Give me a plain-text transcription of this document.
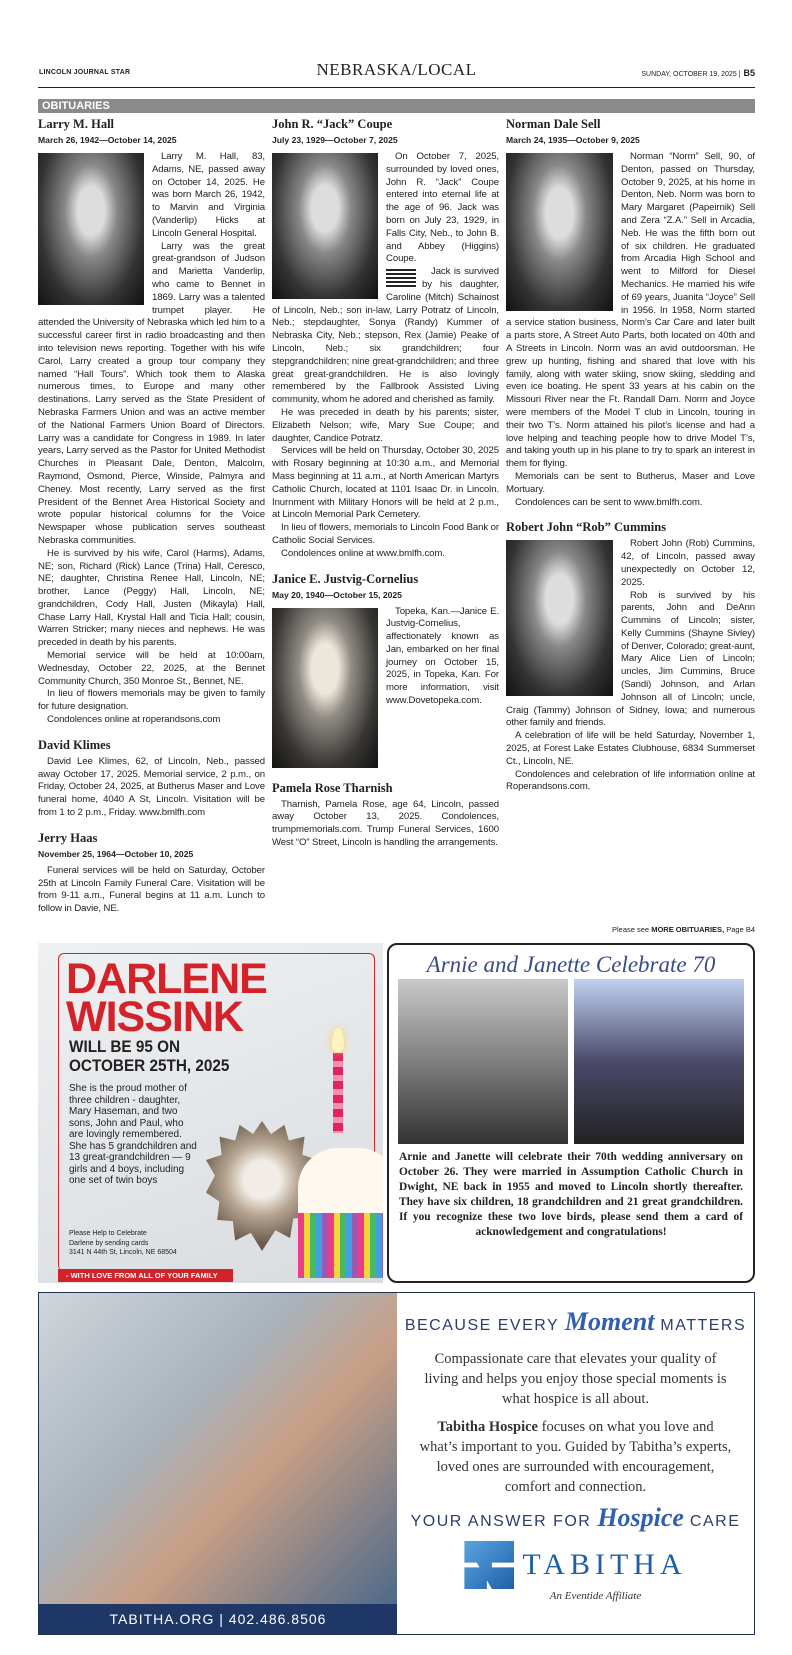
LINCOLN JOURNAL STAR	NEBRASKA/LOCAL	SUNDAY, OCTOBER 19, 2025 | B5
OBITUARIES
Larry M. Hall
March 26, 1942—October 14, 2025

Larry M. Hall, 83, Adams, NE, passed away on October 14, 2025. He was born March 26, 1942, to Marvin and Virginia (Vanderlip) Hicks at Lincoln General Hospital.

Larry was the great great-grandson of Judson and Marietta Vanderlip, who came to Bennet in 1869. Larry was a talented trumpet player. He attended the University of Nebraska which led him to a successful career first in radio broadcasting and then into television news reporting. Together with his wife Carol, Larry created a group tour company they named “Hall Tours”. Which took them to Alaska numerous times, to Europe and many other destinations. Larry served as the State President of Nebraska Farmers Union and was an active member of the National Farmers Union Board of Directors. Larry was a candidate for Congress in 1989. In later years, Larry served as the Pastor for United Methodist Churches in Pleasant Dale, Denton, Malcolm, Raymond, Osmond, Pierce, Winside, Palmyra and Cheney. Most recently, Larry served as the first President of the Bennet Area Historical Society and wrote popular historical columns for the Voice Newspaper whose publication serves southeast Nebraska communities.

He is survived by his wife, Carol (Harms), Adams, NE; son, Richard (Rick) Lance (Trina) Hall, Ceresco, NE; daughter, Christina Renee Hall, Lincoln, NE; brother, Lance (Peggy) Hall, Lincoln, NE; grandchildren, Cody Hall, Justen (Mikayla) Hall, Chase Larry Hall, Krystal Hall and Ticia Hall; cousin, Warren Stricker; many nieces and nephews. He was preceded in death by his parents.

Memorial service will be held at 10:00am, Wednesday, October 22, 2025, at the Bennet Community Church, 350 Monroe St., Bennet, NE.

In lieu of flowers memorials may be given to family for future designation.

Condolences online at roperandsons.com

David Klimes

David Lee Klimes, 62, of Lincoln, Neb., passed away October 17, 2025. Memorial service, 2 p.m., on Friday, October 24, 2025, at Butherus Maser and Love funeral home, 4040 A St, Lincoln. Visitation will be from 1 to 2 p.m., Friday. www.bmlfh.com

Jerry Haas
November 25, 1964—October 10, 2025

Funeral services will be held on Saturday, October 25th at Lincoln Family Funeral Care. Visitation will be from 9-11 a.m., Funeral begins at 11 a.m. Lunch to follow in Davie, NE.

John R. “Jack” Coupe
July 23, 1929—October 7, 2025

On October 7, 2025, surrounded by loved ones, John R. “Jack” Coupe entered into eternal life at the age of 96. Jack was born on July 23, 1929, in Falls City, Neb., to John B. and Abbey (Higgins) Coupe.

Jack is survived by his daughter, Caroline (Mitch) Schainost of Lincoln, Neb.; son in-law, Larry Potratz of Lincoln, Neb.; stepdaughter, Sonya (Randy) Kummer of Nebraska City, Neb.; stepson, Rex (Jamie) Peake of Lincoln, Neb.; six grandchildren; four stepgrandchildren; nine great-grandchildren; and three great great-grandchildren. He is also lovingly remembered by the Fallbrook Assisted Living community, whom he adored and cherished as family.

He was preceded in death by his parents; sister, Elizabeth Nelson; wife, Mary Sue Coupe; and daughter, Candice Potratz.

Services will be held on Thursday, October 30, 2025 with Rosary beginning at 10:30 a.m., and Memorial Mass beginning at 11 a.m., at North American Martyrs Catholic Church, located at 1101 Isaac Dr. in Lincoln. Inurnment with Military Honors will be held at 2 p.m., at Lincoln Memorial Park Cemetery.

In lieu of flowers, memorials to Lincoln Food Bank or Catholic Social Services.

Condolences online at www.bmlfh.com.

Janice E. Justvig-Cornelius
May 20, 1940—October 15, 2025

Topeka, Kan.—Janice E. Justvig-Cornelius, affectionately known as Jan, embarked on her final journey on October 15, 2025, in Topeka, Kan. For more information, visit www.Dovetopeka.com.

Pamela Rose Tharnish

Tharnish, Pamela Rose, age 64, Lincoln, passed away October 13, 2025. Condolences, trumpmemorials.com. Trump Funeral Services, 1600 West “O” Street, Lincoln is handling the arrangements.

Norman Dale Sell
March 24, 1935—October 9, 2025

Norman “Norm” Sell, 90, of Denton, passed on Thursday, October 9, 2025, at his home in Denton, Neb. Norm was born to Mary Margaret (Papeirnik) Sell and Zera “Z.A.” Sell in Arcadia, Neb. He was the fifth born out of six children. He graduated from Arcadia High School and went to Milford for Diesel Mechanics. He married his wife of 69 years, Juanita “Joyce” Sell in 1956. In 1958, Norm started a service station business, Norm’s Car Care and later built a parts store, A Street Auto Parts, both located on 40th and A Streets in Lincoln. Norm was an avid outdoorsman. He grew up hunting, fishing and shared that love with his family, along with water skiing, snow skiing, sledding and even ice boating. He spent 33 years at his cabin on the Missouri River near the Ft. Randall Dam. Norm and Joyce were members of the Model T club in Lincoln, touring in their two T’s. Norm attained his pilot’s license and had a love helping and teaching people how to drive Model T’s, and taking youth up in his plane to try to spark an interest in them for flying.

Memorials can be sent to Butherus, Maser and Love Mortuary.

Condolences can be sent to www.bmlfh.com.

Robert John “Rob” Cummins

Robert John (Rob) Cummins, 42, of Lincoln, passed away unexpectedly on October 12, 2025.

Rob is survived by his parents, John and DeAnn Cummins of Lincoln; sister, Kelly Cummins (Shayne Sivley) of Denver, Colorado; great-aunt, Mary Alice Lien of Lincoln; uncles, Jim Cummins, Bruce (Sandi) Johnson, and Arlan Johnson all of Lincoln; uncle, Craig (Tammy) Johnson of Sidney, Iowa; and numerous other family and friends.

A celebration of life will be held Saturday, November 1, 2025, at Forest Lake Estates Clubhouse, 6834 Summerset Ct., Lincoln, NE.

Condolences and celebration of life information online at Roperandsons.com.

Please see MORE OBITUARIES, Page B4
DARLENE
WISSINK
WILL BE 95 ON
OCTOBER 25TH, 2025
She is the proud mother of three children - daughter, Mary Haseman, and two sons, John and Paul, who are lovingly remembered. She has 5 grandchildren and 13 great-grandchildren — 9 girls and 4 boys, including one set of twin boys
Please Help to Celebrate
Darlene by sending cards
3141 N 44th St, Lincoln, NE 68504
- WITH LOVE FROM ALL OF YOUR FAMILY
Arnie and Janette Celebrate 70
Arnie and Janette will celebrate their 70th wedding anniversary on October 26. They were married in Assumption Catholic Church in Dwight, NE back in 1955 and moved to Lincoln shortly thereafter. They have six children, 18 grandchildren and 21 great grandchildren. If you recognize these two love birds, please send them a card of acknowledgement and congratulations!
TABITHA.ORG | 402.486.8506
BECAUSE EVERY Moment MATTERS
Compassionate care that elevates your quality of living and helps you enjoy those special moments is what hospice is all about.
Tabitha Hospice focuses on what you love and what’s important to you. Guided by Tabitha’s experts, loved ones are surrounded with encouragement, comfort and connection.
YOUR ANSWER FOR Hospice CARE
TABITHA
An Eventide Affiliate
